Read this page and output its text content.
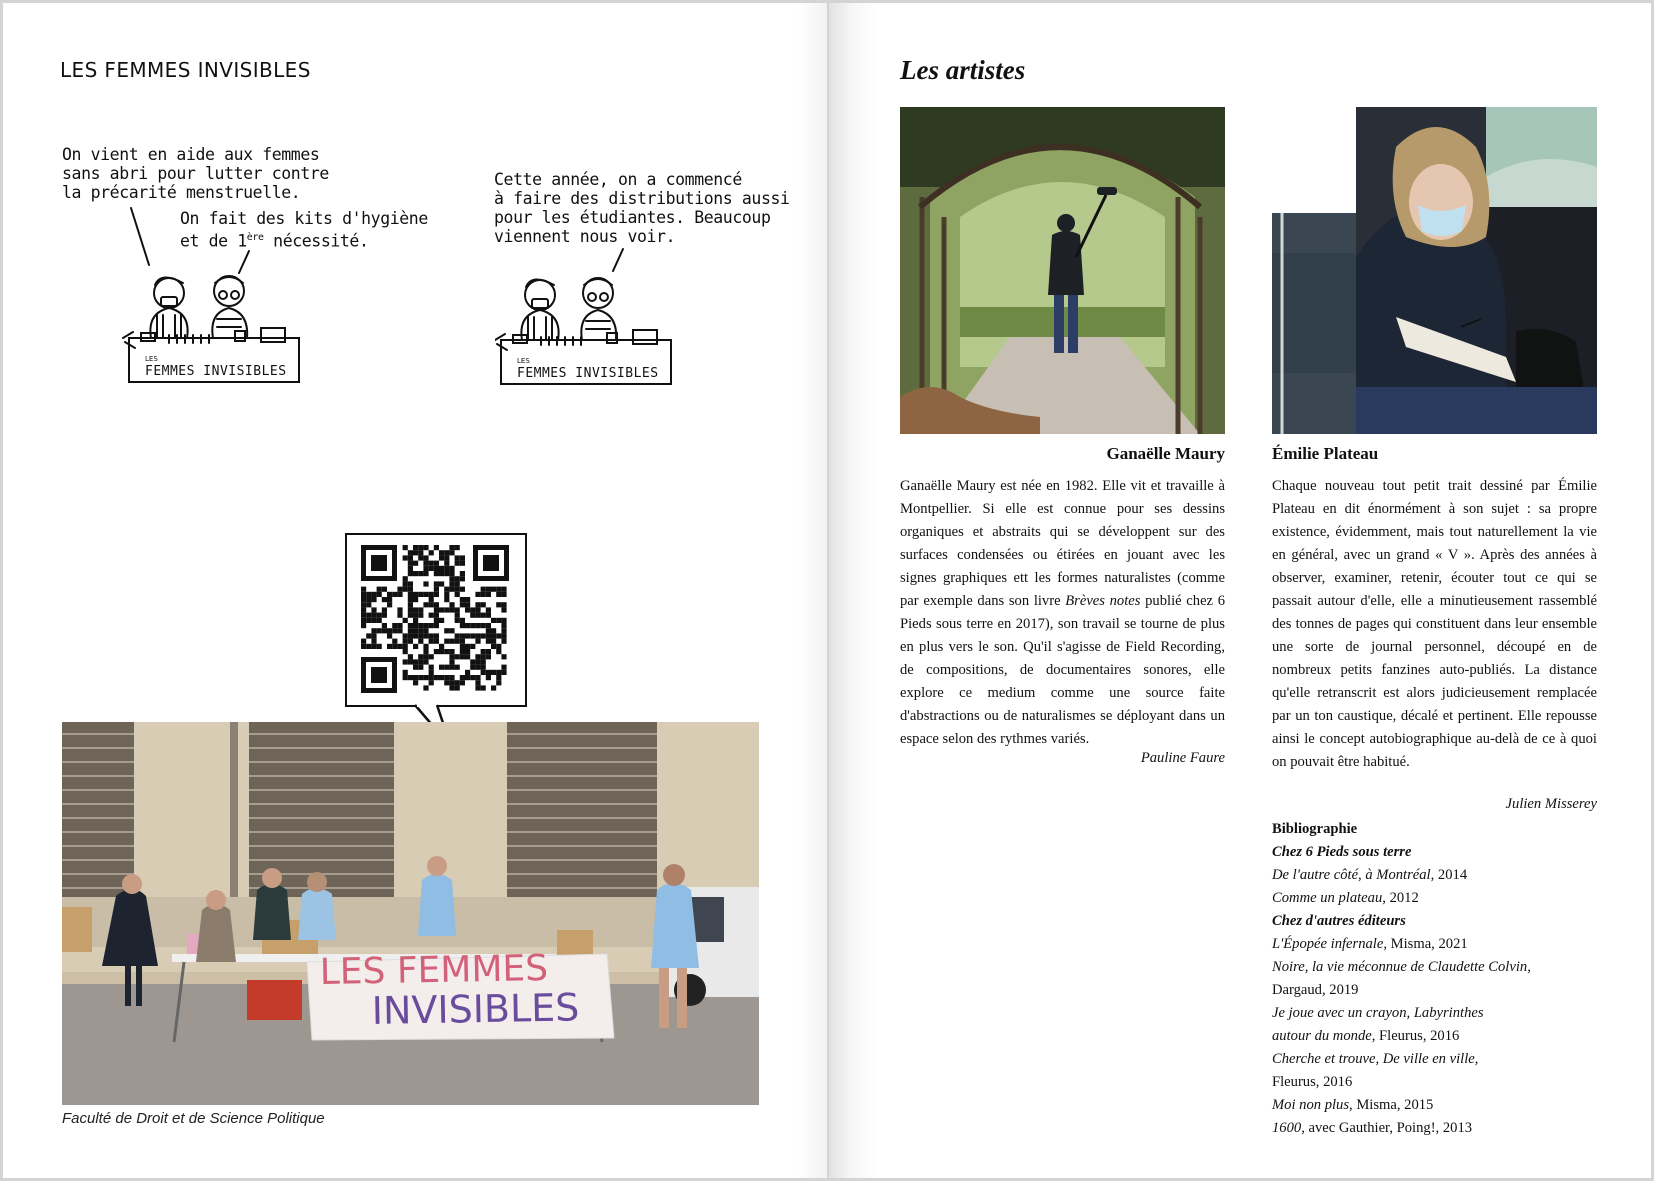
LES FEMMES INVISIBLES
On vient en aide aux femmes
sans abri pour lutter contre
la précarité menstruelle.
On fait des kits d'hygiène
et de 1ère nécessité.
Cette année, on a commencé
à faire des distributions aussi
pour les étudiantes. Beaucoup
viennent nous voir.
LES
FEMMES INVISIBLES
LES
FEMMES INVISIBLES
LES FEMMES
INVISIBLES
Faculté de Droit et de Science Politique
Les artistes
Ganaëlle Maury	Émilie Plateau
Ganaëlle Maury est née en 1982. Elle vit et travaille à Montpellier. Si elle est connue pour ses dessins organiques et abstraits qui se développent sur des surfaces condensées ou étirées en jouant avec les signes graphiques ett les formes naturalistes (comme par exemple dans son livre Brèves notes publié chez 6 Pieds sous terre en 2017), son travail se tourne de plus en plus vers le son. Qu'il s'agisse de Field Recording, de compositions, de documentaires sonores, elle explore ce medium comme une source faite d'abstractions ou de naturalismes se déployant dans un espace selon des rythmes variés.
Pauline Faure
Chaque nouveau tout petit trait dessiné par Émilie Plateau en dit énormément à son sujet : sa propre existence, évidemment, mais tout naturellement la vie en général, avec un grand « V ». Après des années à observer, examiner, retenir, écouter tout ce qui se passait autour d'elle, elle a minutieusement rassemblé des tonnes de pages qui constituent dans leur ensemble une sorte de journal personnel, découpé en de nombreux petits fanzines auto-publiés. La distance qu'elle retranscrit est alors judicieusement remplacée par un ton caustique, décalé et pertinent. Elle repousse ainsi le concept autobiographique au-delà de ce à quoi on pouvait être habitué.
Julien Misserey
Bibliographie
Chez 6 Pieds sous terre
De l'autre côté, à Montréal, 2014
Comme un plateau, 2012
Chez d'autres éditeurs
L'Épopée infernale, Misma, 2021
Noire, la vie méconnue de Claudette Colvin,
Dargaud, 2019
Je joue avec un crayon, Labyrinthes
autour du monde, Fleurus, 2016
Cherche et trouve, De ville en ville,
Fleurus, 2016
Moi non plus, Misma, 2015
1600, avec Gauthier, Poing!, 2013
